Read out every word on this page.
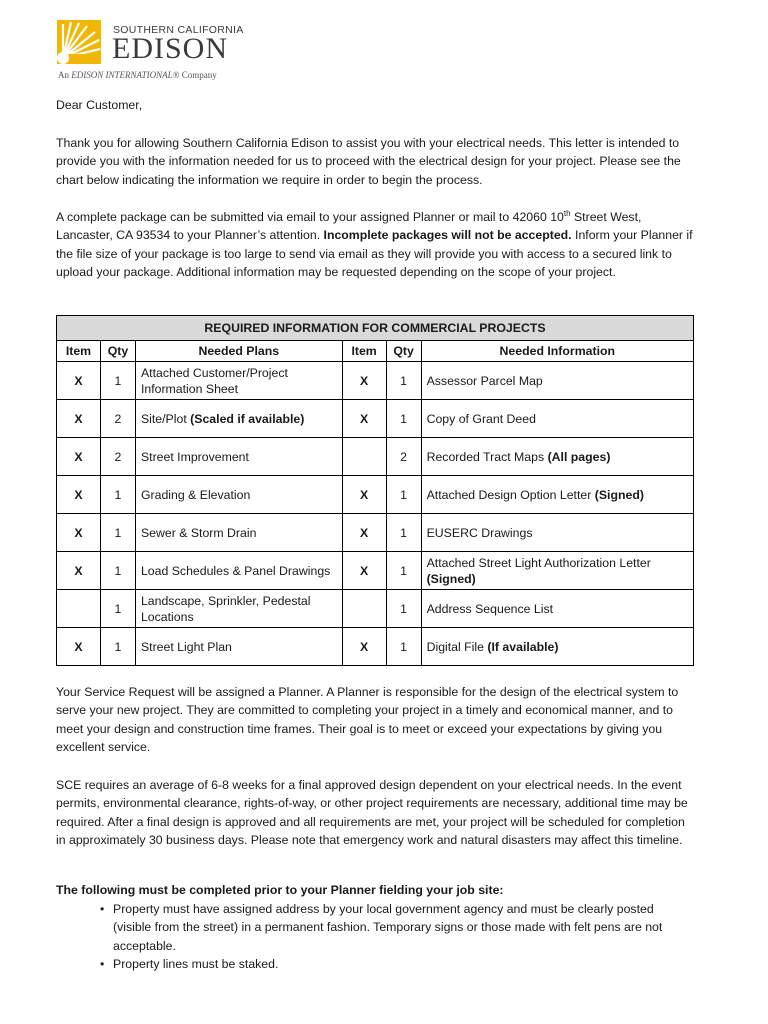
SOUTHERN CALIFORNIA
EDISON
An EDISON INTERNATIONAL® Company

Dear Customer,

Thank you for allowing Southern California Edison to assist you with your electrical needs. This letter is intended to provide you with the information needed for us to proceed with the electrical design for your project. Please see the chart below indicating the information we require in order to begin the process.

A complete package can be submitted via email to your assigned Planner or mail to 42060 10th Street West, Lancaster, CA 93534 to your Planner’s attention. Incomplete packages will not be accepted. Inform your Planner if the file size of your package is too large to send via email as they will provide you with access to a secured link to upload your package. Additional information may be requested depending on the scope of your project.

REQUIRED INFORMATION FOR COMMERCIAL PROJECTS					
Item	Qty	Needed Plans	Item	Qty	Needed Information
X	1	Attached Customer/Project Information Sheet	X	1	Assessor Parcel Map
X	2	Site/Plot (Scaled if available)	X	1	Copy of Grant Deed
X	2	Street Improvement		2	Recorded Tract Maps (All pages)
X	1	Grading & Elevation	X	1	Attached Design Option Letter (Signed)
X	1	Sewer & Storm Drain	X	1	EUSERC Drawings
X	1	Load Schedules & Panel Drawings	X	1	Attached Street Light Authorization Letter (Signed)
	1	Landscape, Sprinkler, Pedestal Locations		1	Address Sequence List
X	1	Street Light Plan	X	1	Digital File (If available)

Your Service Request will be assigned a Planner. A Planner is responsible for the design of the electrical system to serve your new project. They are committed to completing your project in a timely and economical manner, and to meet your design and construction time frames. Their goal is to meet or exceed your expectations by giving you excellent service.

SCE requires an average of 6-8 weeks for a final approved design dependent on your electrical needs. In the event permits, environmental clearance, rights-of-way, or other project requirements are necessary, additional time may be required. After a final design is approved and all requirements are met, your project will be scheduled for completion in approximately 30 business days. Please note that emergency work and natural disasters may affect this timeline.

The following must be completed prior to your Planner fielding your job site:

• Property must have assigned address by your local government agency and must be clearly posted (visible from the street) in a permanent fashion. Temporary signs or those made with felt pens are not acceptable.
• Property lines must be staked.
